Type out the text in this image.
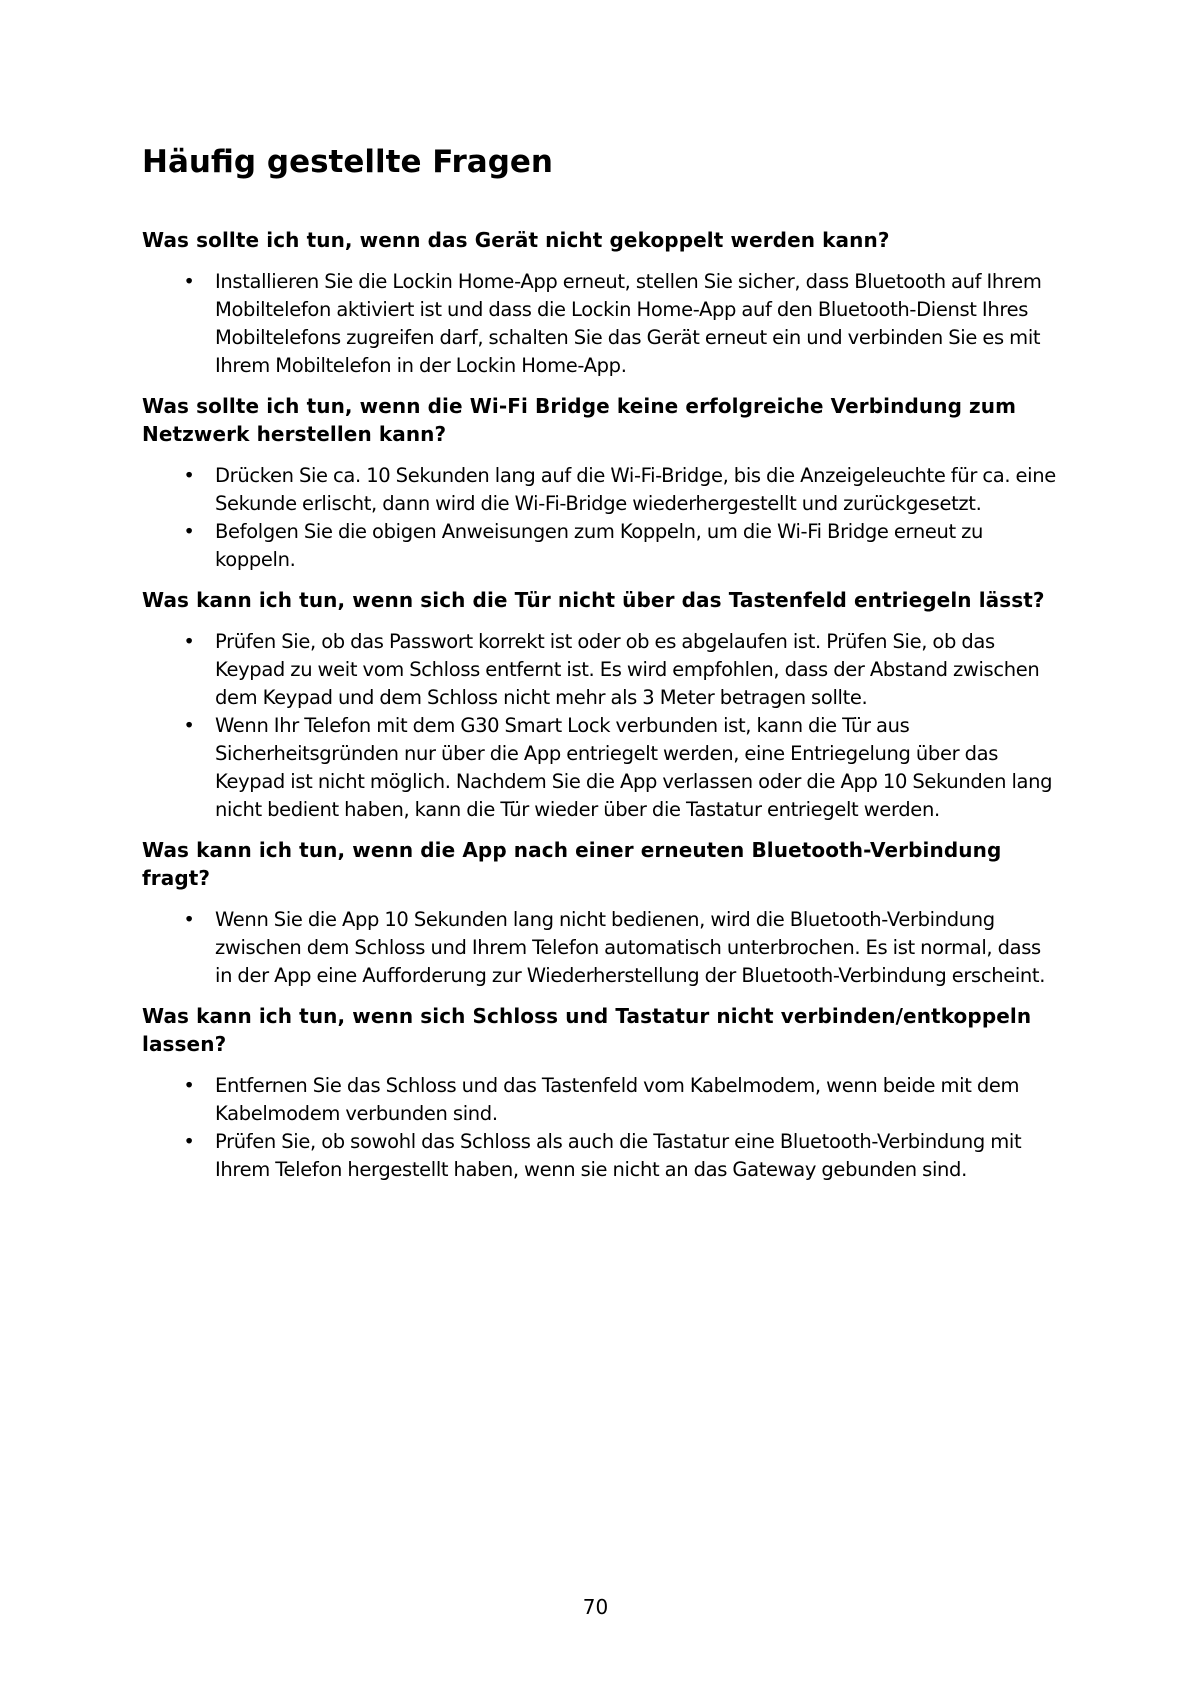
Häufig gestellte Fragen
Was sollte ich tun, wenn das Gerät nicht gekoppelt werden kann?
• Installieren Sie die Lockin Home-App erneut, stellen Sie sicher, dass Bluetooth auf Ihrem Mobiltelefon aktiviert ist und dass die Lockin Home-App auf den Bluetooth-Dienst Ihres Mobiltelefons zugreifen darf, schalten Sie das Gerät erneut ein und verbinden Sie es mit Ihrem Mobiltelefon in der Lockin Home-App.
Was sollte ich tun, wenn die Wi-Fi Bridge keine erfolgreiche Verbindung zum Netzwerk herstellen kann?
• Drücken Sie ca. 10 Sekunden lang auf die Wi-Fi-Bridge, bis die Anzeigeleuchte für ca. eine Sekunde erlischt, dann wird die Wi-Fi-Bridge wiederhergestellt und zurückgesetzt.
• Befolgen Sie die obigen Anweisungen zum Koppeln, um die Wi-Fi Bridge erneut zu koppeln.
Was kann ich tun, wenn sich die Tür nicht über das Tastenfeld entriegeln lässt?
• Prüfen Sie, ob das Passwort korrekt ist oder ob es abgelaufen ist. Prüfen Sie, ob das Keypad zu weit vom Schloss entfernt ist. Es wird empfohlen, dass der Abstand zwischen dem Keypad und dem Schloss nicht mehr als 3 Meter betragen sollte.
• Wenn Ihr Telefon mit dem G30 Smart Lock verbunden ist, kann die Tür aus Sicherheitsgründen nur über die App entriegelt werden, eine Entriegelung über das Keypad ist nicht möglich. Nachdem Sie die App verlassen oder die App 10 Sekunden lang nicht bedient haben, kann die Tür wieder über die Tastatur entriegelt werden.
Was kann ich tun, wenn die App nach einer erneuten Bluetooth-Verbindung fragt?
• Wenn Sie die App 10 Sekunden lang nicht bedienen, wird die Bluetooth-Verbindung zwischen dem Schloss und Ihrem Telefon automatisch unterbrochen. Es ist normal, dass in der App eine Aufforderung zur Wiederherstellung der Bluetooth-Verbindung erscheint.
Was kann ich tun, wenn sich Schloss und Tastatur nicht verbinden/entkoppeln lassen?
• Entfernen Sie das Schloss und das Tastenfeld vom Kabelmodem, wenn beide mit dem Kabelmodem verbunden sind.
• Prüfen Sie, ob sowohl das Schloss als auch die Tastatur eine Bluetooth-Verbindung mit Ihrem Telefon hergestellt haben, wenn sie nicht an das Gateway gebunden sind.
70
